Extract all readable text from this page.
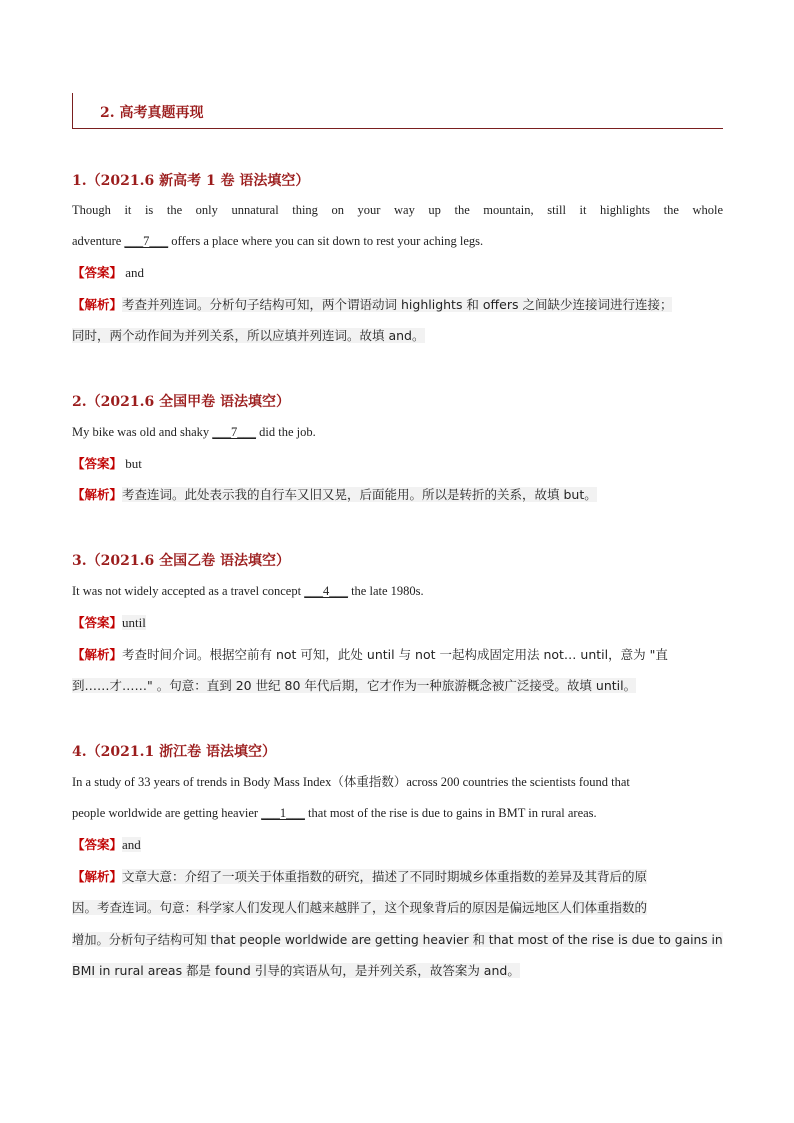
2. 高考真题再现
1.（2021.6 新高考 1 卷 语法填空）
Though it is the only unnatural thing on your way up the mountain, still it highlights the whole
adventure ___7___ offers a place where you can sit down to rest your aching legs.
【答案】 and
【解析】考查并列连词。分析句子结构可知，两个谓语动词 highlights 和 offers 之间缺少连接词进行连接；
同时，两个动作间为并列关系，所以应填并列连词。故填 and。
2.（2021.6 全国甲卷 语法填空）
My bike was old and shaky ___7___ did the job.
【答案】 but
【解析】考查连词。此处表示我的自行车又旧又晃，后面能用。所以是转折的关系，故填 but。
3.（2021.6 全国乙卷 语法填空）
It was not widely accepted as a travel concept ___4___ the late 1980s.
【答案】until
【解析】考查时间介词。根据空前有 not 可知，此处 until 与 not 一起构成固定用法 not… until，意为 "直
到……才……" 。句意：直到 20 世纪 80 年代后期，它才作为一种旅游概念被广泛接受。故填 until。
4.（2021.1 浙江卷 语法填空）
In a study of 33 years of trends in Body Mass Index（体重指数）across 200 countries the scientists found that
people worldwide are getting heavier ___1___ that most of the rise is due to gains in BMT in rural areas.
【答案】and
【解析】文章大意：介绍了一项关于体重指数的研究，描述了不同时期城乡体重指数的差异及其背后的原
因。考查连词。句意：科学家人们发现人们越来越胖了，这个现象背后的原因是偏远地区人们体重指数的
增加。分析句子结构可知 that people worldwide are getting heavier 和 that most of the rise is due to gains in
BMI in rural areas 都是 found 引导的宾语从句，是并列关系，故答案为 and。
